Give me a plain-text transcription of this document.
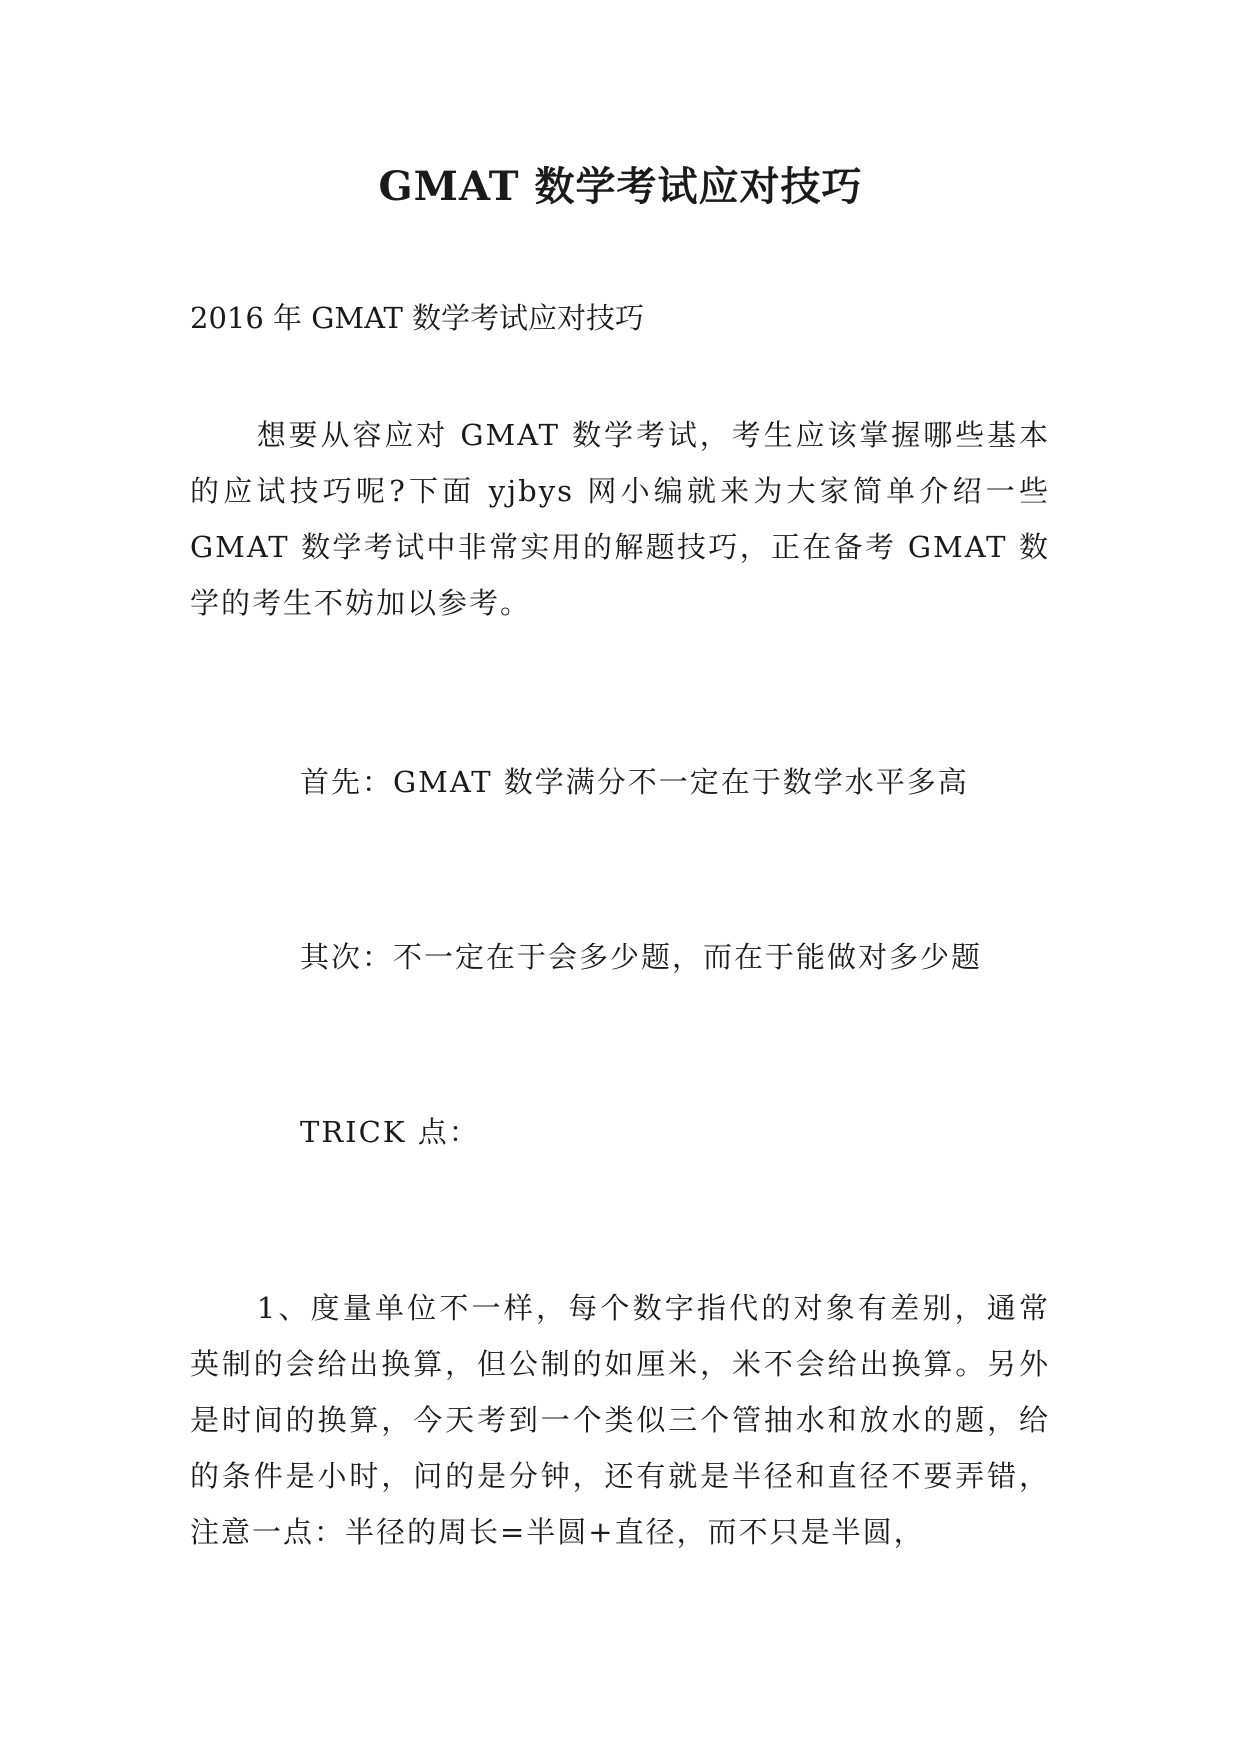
GMAT 数学考试应对技巧
2016 年 GMAT 数学考试应对技巧
想要从容应对 GMAT 数学考试，考生应该掌握哪些基本的应试技巧呢?下面 yjbys 网小编就来为大家简单介绍一些 GMAT 数学考试中非常实用的解题技巧，正在备考 GMAT 数学的考生不妨加以参考。
首先：GMAT 数学满分不一定在于数学水平多高
其次：不一定在于会多少题，而在于能做对多少题
TRICK 点：
1、度量单位不一样，每个数字指代的对象有差别，通常英制的会给出换算，但公制的如厘米，米不会给出换算。另外是时间的换算，今天考到一个类似三个管抽水和放水的题，给的条件是小时，问的是分钟，还有就是半径和直径不要弄错，注意一点：半径的周长=半圆+直径，而不只是半圆，
